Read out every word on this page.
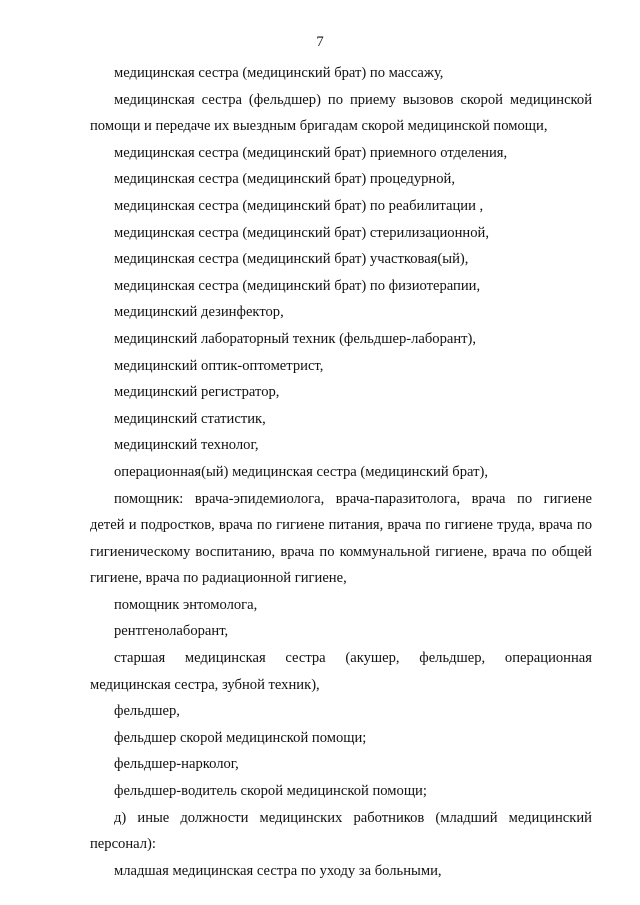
7

медицинская сестра (медицинский брат) по массажу,

медицинская сестра (фельдшер) по приему вызовов скорой медицинской
помощи и передаче их выездным бригадам скорой медицинской помощи,

медицинская сестра (медицинский брат) приемного отделения,

медицинская сестра (медицинский брат) процедурной,

медицинская сестра (медицинский брат) по реабилитации ,

медицинская сестра (медицинский брат) стерилизационной,

медицинская сестра (медицинский брат) участковая(ый),

медицинская сестра (медицинский брат) по физиотерапии,

медицинский дезинфектор,

медицинский лабораторный техник (фельдшер-лаборант),

медицинский оптик-оптометрист,

медицинский регистратор,

медицинский статистик,

медицинский технолог,

операционная(ый) медицинская сестра (медицинский брат),

помощник: врача-эпидемиолога, врача-паразитолога, врача по гигиене
детей и подростков, врача по гигиене питания, врача по гигиене труда, врача по
гигиеническому воспитанию, врача по коммунальной гигиене, врача по общей
гигиене, врача по радиационной гигиене,

помощник энтомолога,

рентгенолаборант,

старшая медицинская сестра (акушер, фельдшер, операционная
медицинская сестра, зубной техник),

фельдшер,

фельдшер скорой медицинской помощи;

фельдшер-нарколог,

фельдшер-водитель скорой медицинской помощи;

д) иные должности медицинских работников (младший медицинский
персонал):

младшая медицинская сестра по уходу за больными,
